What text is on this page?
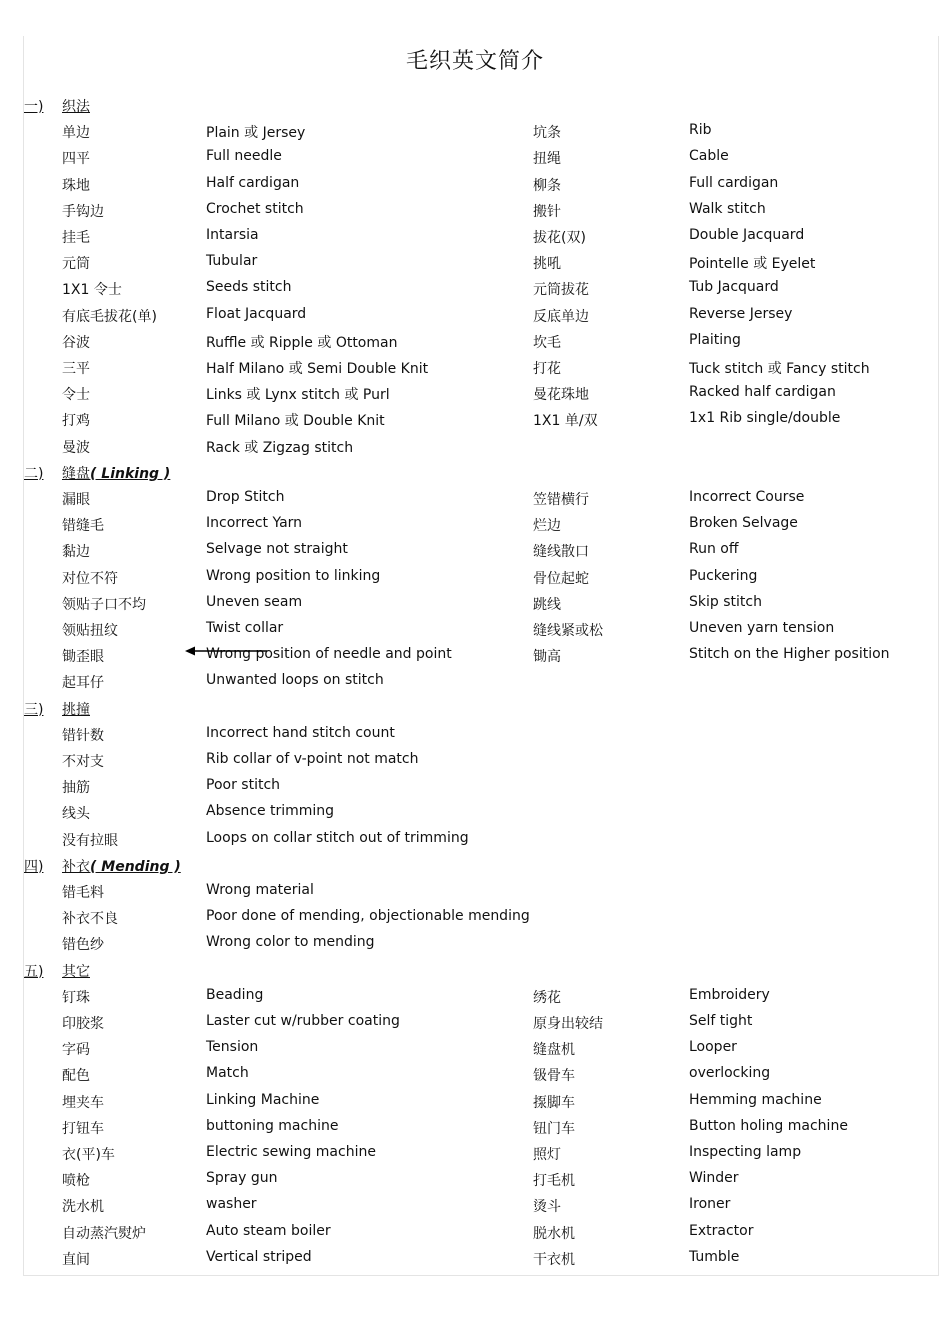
毛织英文简介
一) 织法
单边	Plain 或 Jersey	坑条	Rib
四平	Full needle	扭绳	Cable
珠地	Half cardigan	柳条	Full cardigan
手钩边	Crochet stitch	搬针	Walk stitch
挂毛	Intarsia	拔花(双)	Double Jacquard
元筒	Tubular	挑吼	Pointelle 或 Eyelet
1X1 令士	Seeds stitch	元筒拔花	Tub Jacquard
有底毛拔花(单)	Float Jacquard	反底单边	Reverse Jersey
谷波	Ruffle 或 Ripple 或 Ottoman	坎毛	Plaiting
三平	Half Milano 或 Semi Double Knit	打花	Tuck stitch 或 Fancy stitch
令士	Links 或 Lynx stitch 或 Purl	曼花珠地	Racked half cardigan
打鸡	Full Milano 或 Double Knit	1X1 单/双	1x1 Rib single/double
曼波	Rack 或 Zigzag stitch
二) 缝盘( Linking )
漏眼	Drop Stitch	笠错横行	Incorrect Course
错缝毛	Incorrect Yarn	烂边	Broken Selvage
黏边	Selvage not straight	缝线散口	Run off
对位不符	Wrong position to linking	骨位起蛇	Puckering
领贴子口不均	Uneven seam	跳线	Skip stitch
领贴扭纹	Twist collar	缝线紧或松	Uneven yarn tension
锄歪眼	Wrong position of needle and point	锄高	Stitch on the Higher position
起耳仔	Unwanted loops on stitch
三) 挑撞
错针数	Incorrect hand stitch count
不对支	Rib collar of v-point not match
抽筋	Poor stitch
线头	Absence trimming
没有拉眼	Loops on collar stitch out of trimming
四) 补衣( Mending )
错毛料	Wrong material
补衣不良	Poor done of mending, objectionable mending
错色纱	Wrong color to mending
五) 其它
钉珠	Beading	绣花	Embroidery
印胶浆	Laster cut w/rubber coating	原身出较结	Self tight
字码	Tension	缝盘机	Looper
配色	Match	钑骨车	overlocking
埋夹车	Linking Machine	揼脚车	Hemming machine
打钮车	buttoning machine	钮门车	Button holing machine
衣(平)车	Electric sewing machine	照灯	Inspecting lamp
喷枪	Spray gun	打毛机	Winder
洗水机	washer	烫斗	Ironer
自动蒸汽熨炉	Auto steam boiler	脱水机	Extractor
直间	Vertical striped	干衣机	Tumble
